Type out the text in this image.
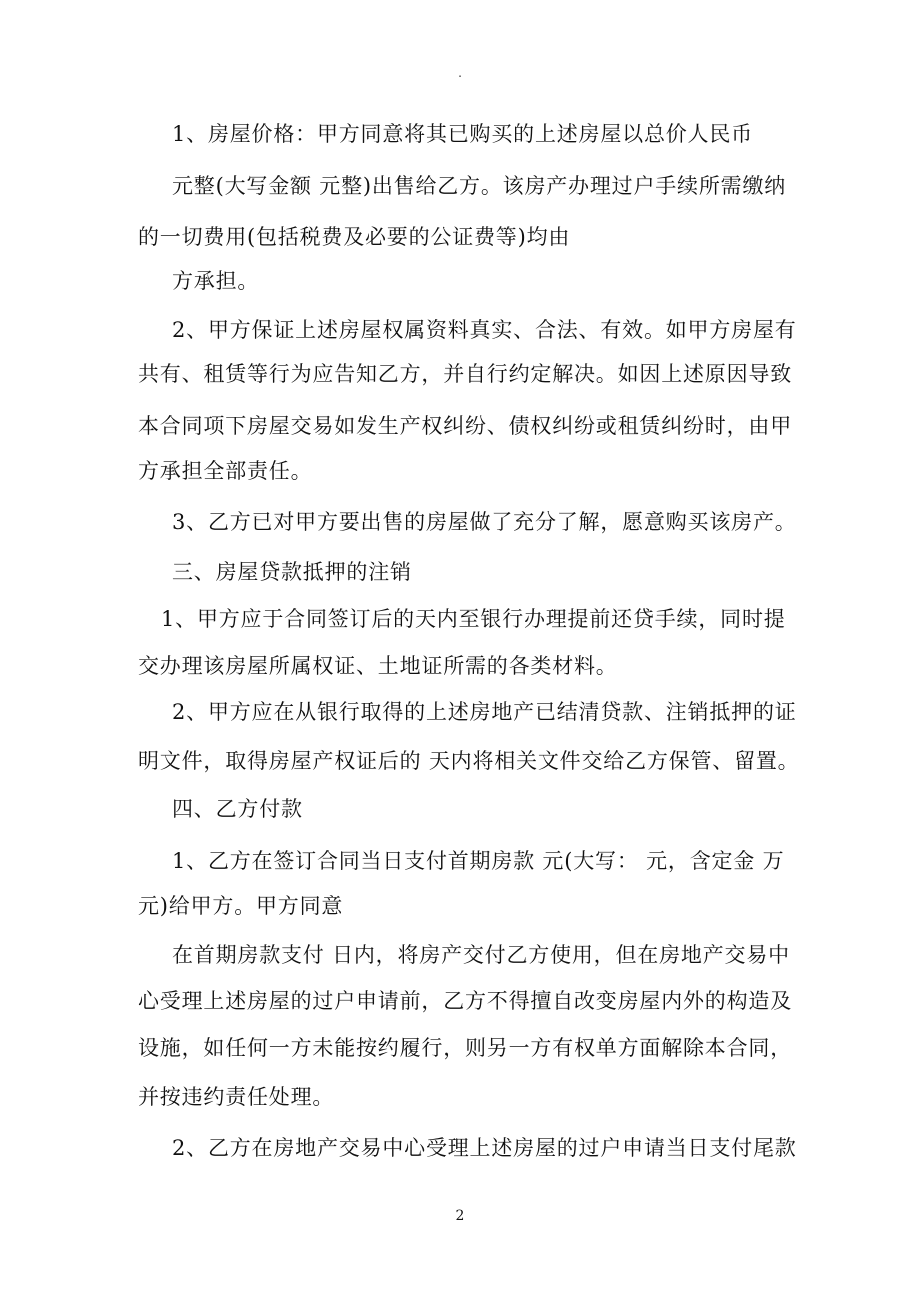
.
1、房屋价格：甲方同意将其已购买的上述房屋以总价人民币
元整(大写金额 元整)出售给乙方。该房产办理过户手续所需缴纳
的一切费用(包括税费及必要的公证费等)均由
方承担。
2、甲方保证上述房屋权属资料真实、合法、有效。如甲方房屋有
共有、租赁等行为应告知乙方，并自行约定解决。如因上述原因导致
本合同项下房屋交易如发生产权纠纷、债权纠纷或租赁纠纷时，由甲
方承担全部责任。
3、乙方已对甲方要出售的房屋做了充分了解，愿意购买该房产。
三、房屋贷款抵押的注销
1、甲方应于合同签订后的天内至银行办理提前还贷手续，同时提
交办理该房屋所属权证、土地证所需的各类材料。
2、甲方应在从银行取得的上述房地产已结清贷款、注销抵押的证
明文件，取得房屋产权证后的 天内将相关文件交给乙方保管、留置。
四、乙方付款
1、乙方在签订合同当日支付首期房款 元(大写： 元，含定金 万
元)给甲方。甲方同意
在首期房款支付 日内，将房产交付乙方使用，但在房地产交易中
心受理上述房屋的过户申请前，乙方不得擅自改变房屋内外的构造及
设施，如任何一方未能按约履行，则另一方有权单方面解除本合同，
并按违约责任处理。
2、乙方在房地产交易中心受理上述房屋的过户申请当日支付尾款
2
